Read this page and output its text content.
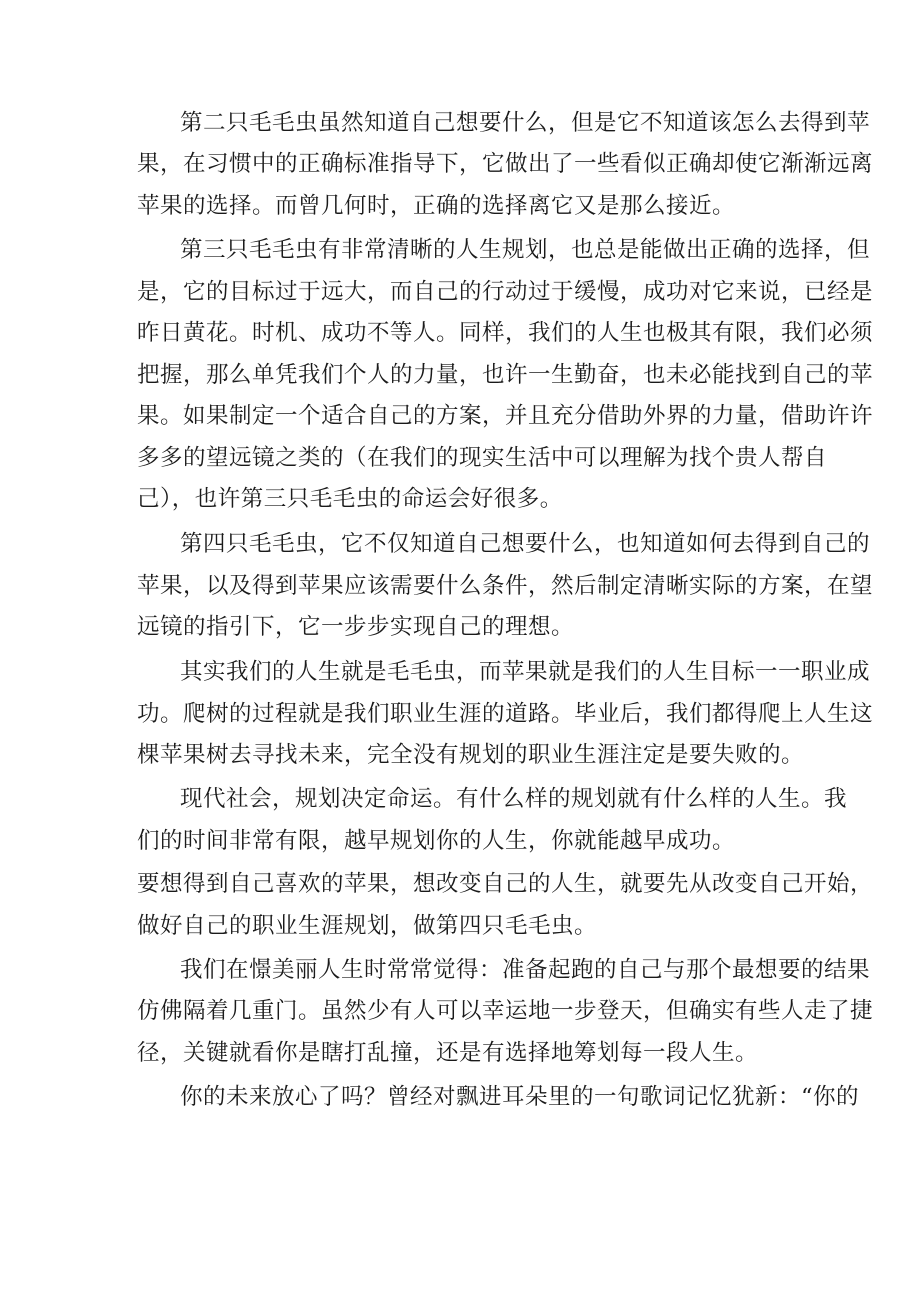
第二只毛毛虫虽然知道自己想要什么，但是它不知道该怎么去得到苹
果，在习惯中的正确标准指导下，它做出了一些看似正确却使它渐渐远离
苹果的选择。而曾几何时，正确的选择离它又是那么接近。
第三只毛毛虫有非常清晰的人生规划，也总是能做出正确的选择，但
是，它的目标过于远大，而自己的行动过于缓慢，成功对它来说，已经是
昨日黄花。时机、成功不等人。同样，我们的人生也极其有限，我们必须
把握，那么单凭我们个人的力量，也许一生勤奋，也未必能找到自己的苹
果。如果制定一个适合自己的方案，并且充分借助外界的力量，借助许许
多多的望远镜之类的（在我们的现实生活中可以理解为找个贵人帮自
己），也许第三只毛毛虫的命运会好很多。
第四只毛毛虫，它不仅知道自己想要什么，也知道如何去得到自己的
苹果，以及得到苹果应该需要什么条件，然后制定清晰实际的方案，在望
远镜的指引下，它一步步实现自己的理想。
其实我们的人生就是毛毛虫，而苹果就是我们的人生目标一一职业成
功。爬树的过程就是我们职业生涯的道路。毕业后，我们都得爬上人生这
棵苹果树去寻找未来，完全没有规划的职业生涯注定是要失败的。
现代社会，规划决定命运。有什么样的规划就有什么样的人生。我
们的时间非常有限，越早规划你的人生，你就能越早成功。
要想得到自己喜欢的苹果，想改变自己的人生，就要先从改变自己开始，
做好自己的职业生涯规划，做第四只毛毛虫。
我们在憬美丽人生时常常觉得：准备起跑的自己与那个最想要的结果
仿佛隔着几重门。虽然少有人可以幸运地一步登天，但确实有些人走了捷
径，关键就看你是瞎打乱撞，还是有选择地筹划每一段人生。
你的未来放心了吗？曾经对飘进耳朵里的一句歌词记忆犹新：“你的
